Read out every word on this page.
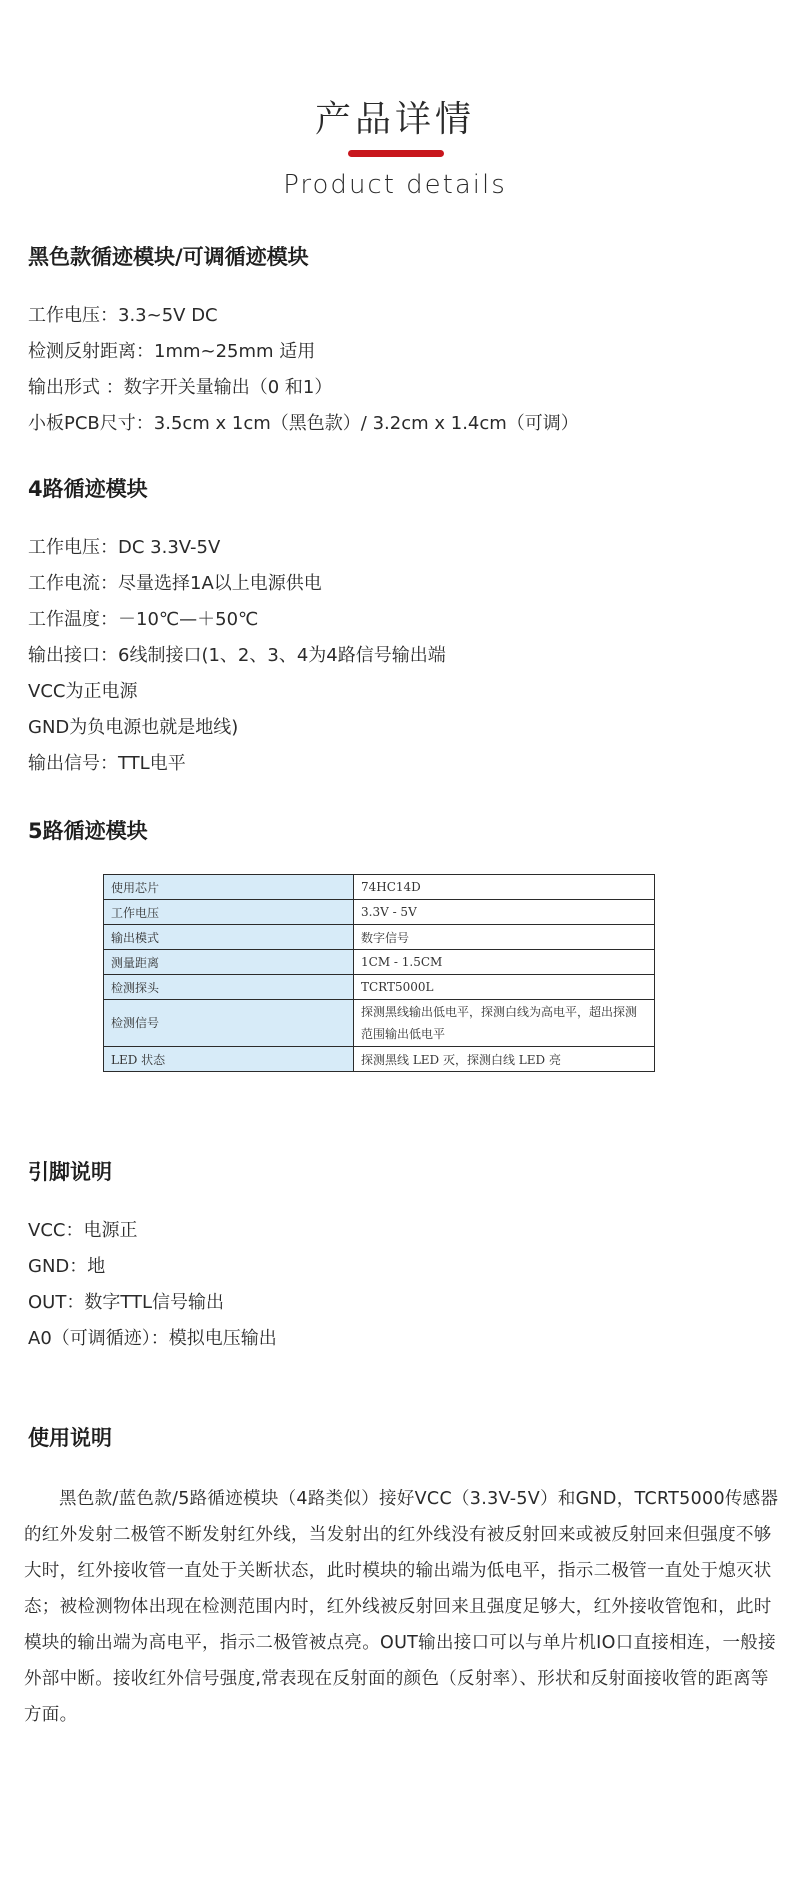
产品详情
Product details
黑色款循迹模块/可调循迹模块
工作电压：3.3~5V DC
检测反射距离：1mm~25mm 适用
输出形式 ：数字开关量输出（0 和1）
小板PCB尺寸：3.5cm x 1cm（黑色款）/ 3.2cm x 1.4cm（可调）
4路循迹模块
工作电压：DC 3.3V-5V
工作电流：尽量选择1A以上电源供电
工作温度：－10℃—＋50℃
输出接口：6线制接口(1、2、3、4为4路信号输出端
VCC为正电源
GND为负电源也就是地线)
输出信号：TTL电平
5路循迹模块
使用芯片	74HC14D
工作电压	3.3V - 5V
输出模式	数字信号
测量距离	1CM - 1.5CM
检测探头	TCRT5000L
检测信号	探测黑线输出低电平，探测白线为高电平，超出探测范围输出低电平
LED 状态	探测黑线 LED 灭，探测白线 LED 亮
引脚说明
VCC：电源正
GND：地
OUT：数字TTL信号输出
A0（可调循迹）：模拟电压输出
使用说明

黑色款/蓝色款/5路循迹模块（4路类似）接好VCC（3.3V-5V）和GND，TCRT5000传感器的红外发射二极管不断发射红外线，当发射出的红外线没有被反射回来或被反射回来但强度不够大时，红外接收管一直处于关断状态，此时模块的输出端为低电平，指示二极管一直处于熄灭状态；被检测物体出现在检测范围内时，红外线被反射回来且强度足够大，红外接收管饱和，此时模块的输出端为高电平，指示二极管被点亮。OUT输出接口可以与单片机IO口直接相连，一般接外部中断。接收红外信号强度,常表现在反射面的颜色（反射率）、形状和反射面接收管的距离等方面。
